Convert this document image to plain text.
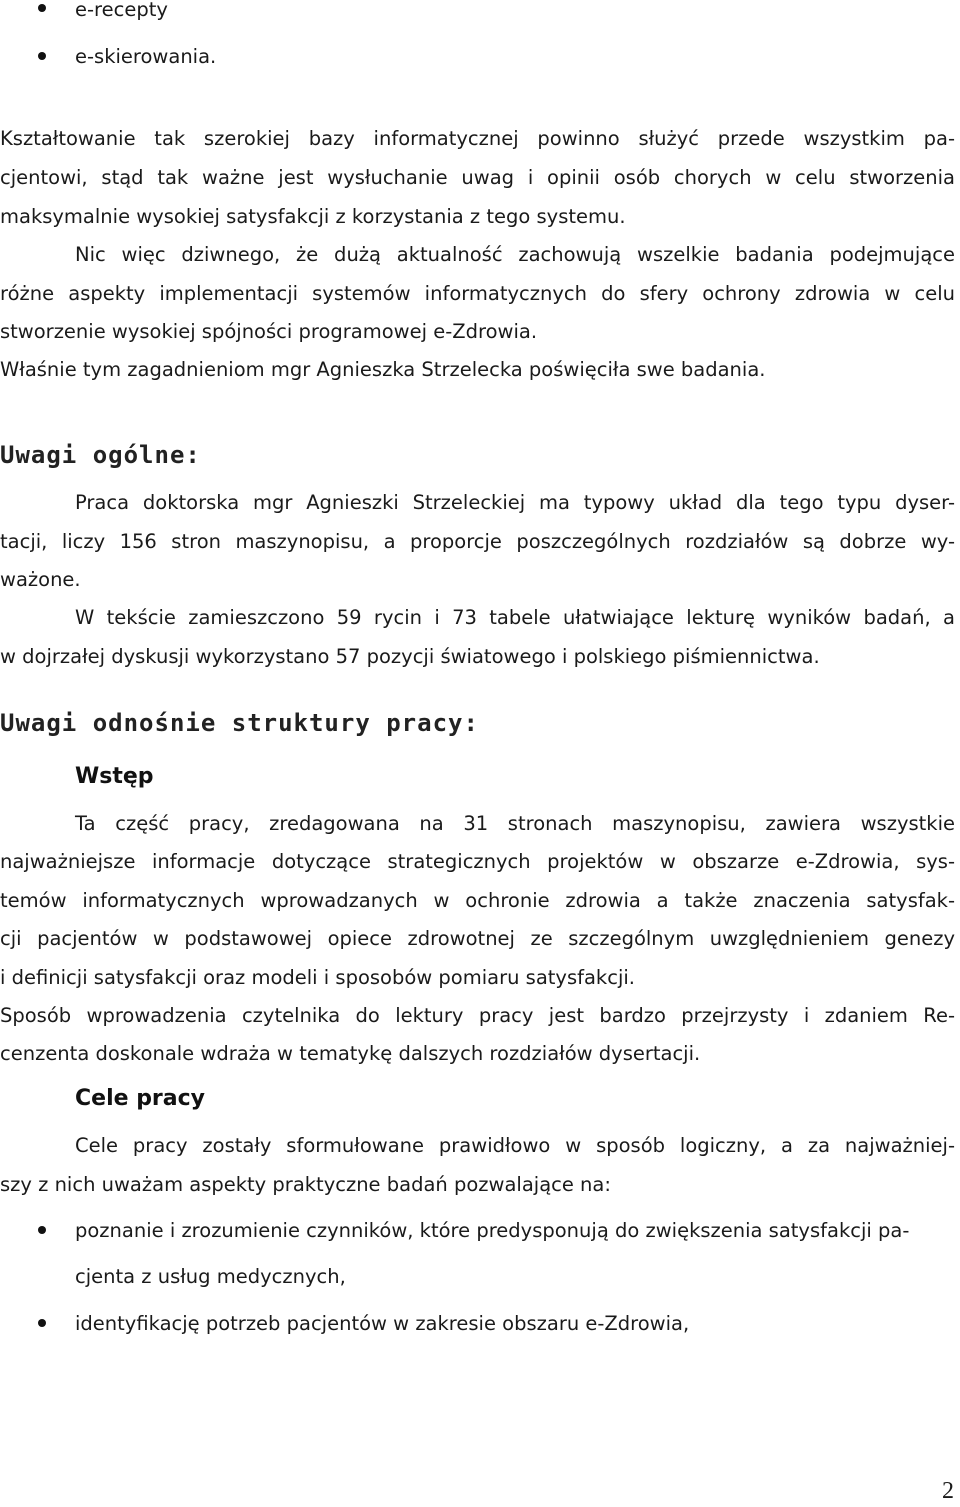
e-recepty
e-skierowania.
Kształtowanie tak szerokiej bazy informatycznej powinno służyć przede wszystkim pa-
cjentowi, stąd tak ważne jest wysłuchanie uwag i opinii osób chorych w celu stworzenia
maksymalnie wysokiej satysfakcji z korzystania z tego systemu.
Nic więc dziwnego, że dużą aktualność zachowują wszelkie badania podejmujące
różne aspekty implementacji systemów informatycznych do sfery ochrony zdrowia w celu
stworzenie wysokiej spójności programowej e-Zdrowia.
Właśnie tym zagadnieniom mgr Agnieszka Strzelecka poświęciła swe badania.
Uwagi ogólne:
Praca doktorska mgr Agnieszki Strzeleckiej ma typowy układ dla tego typu dyser-
tacji, liczy 156 stron maszynopisu, a proporcje poszczególnych rozdziałów są dobrze wy-
ważone.
W tekście zamieszczono 59 rycin i 73 tabele ułatwiające lekturę wyników badań, a
w dojrzałej dyskusji wykorzystano 57 pozycji światowego i polskiego piśmiennictwa.
Uwagi odnośnie struktury pracy:
Wstęp
Ta część pracy, zredagowana na 31 stronach maszynopisu, zawiera wszystkie
najważniejsze informacje dotyczące strategicznych projektów w obszarze e-Zdrowia, sys-
temów informatycznych wprowadzanych w ochronie zdrowia a także znaczenia satysfak-
cji pacjentów w podstawowej opiece zdrowotnej ze szczególnym uwzględnieniem genezy
i definicji satysfakcji oraz modeli i sposobów pomiaru satysfakcji.
Sposób wprowadzenia czytelnika do lektury pracy jest bardzo przejrzysty i zdaniem Re-
cenzenta doskonale wdraża w tematykę dalszych rozdziałów dysertacji.
Cele pracy
Cele pracy zostały sformułowane prawidłowo w sposób logiczny, a za najważniej-
szy z nich uważam aspekty praktyczne badań pozwalające na:
poznanie i zrozumienie czynników, które predysponują do zwiększenia satysfakcji pa-
cjenta z usług medycznych,
identyfikację potrzeb pacjentów w zakresie obszaru e-Zdrowia,
2
